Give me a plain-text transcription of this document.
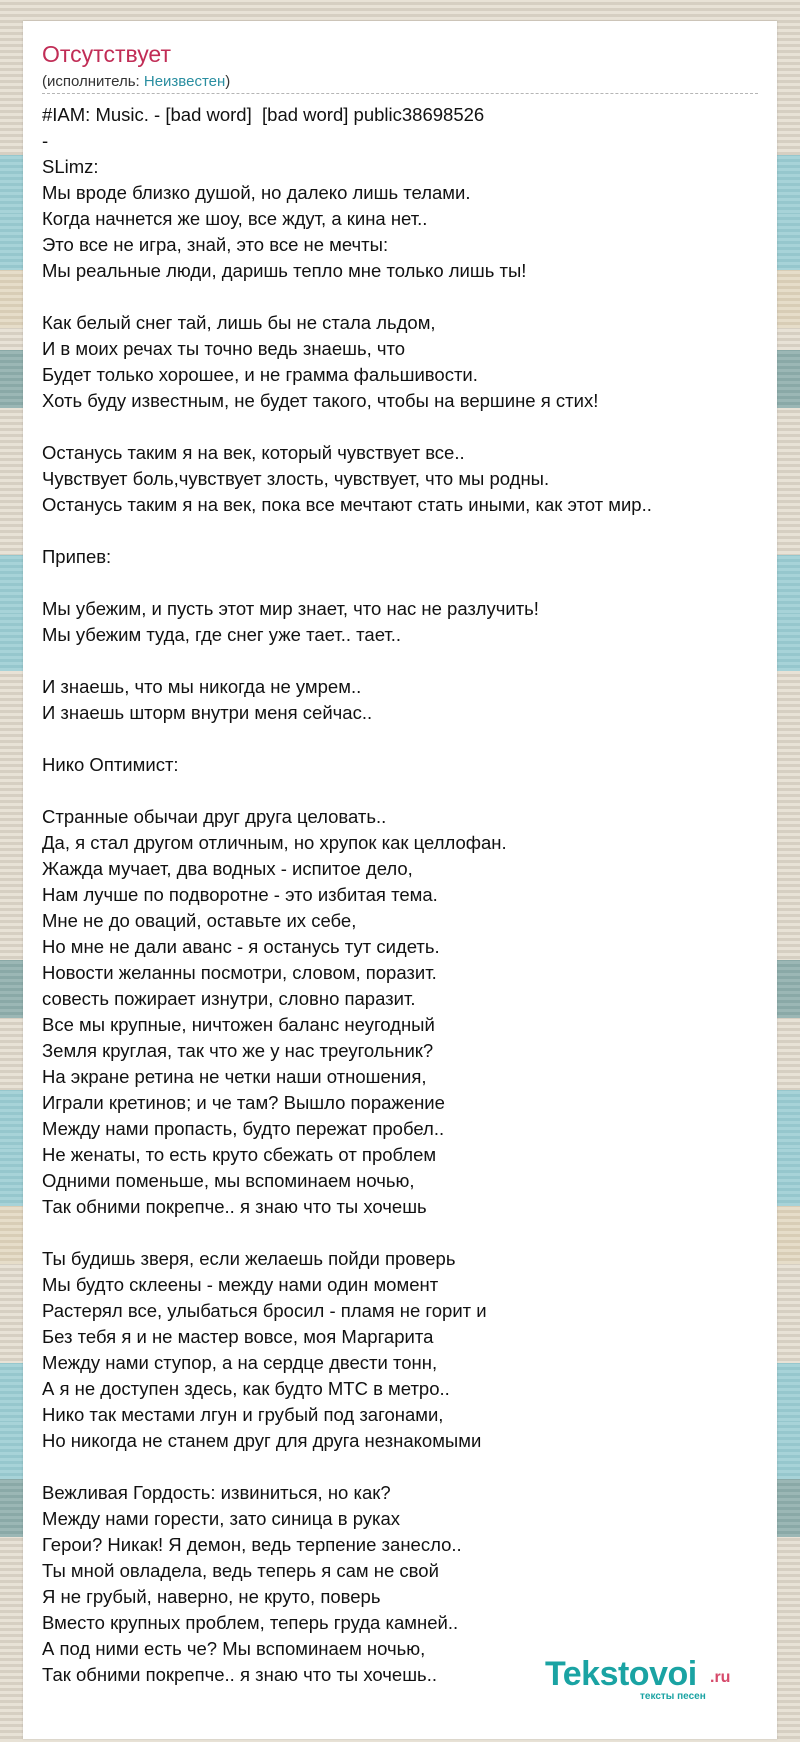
Отсутствует
(исполнитель: Неизвестен)
#IAM: Music. - [bad word]  [bad word] public38698526
-
SLimz:
Мы вроде близко душой, но далеко лишь телами.
Когда начнется же шоу, все ждут, а кина нет..
Это все не игра, знай, это все не мечты:
Мы реальные люди, даришь тепло мне только лишь ты!
Как белый снег тай, лишь бы не стала льдом,
И в моих речах ты точно ведь знаешь, что
Будет только хорошее, и не грамма фальшивости.
Хоть буду известным, не будет такого, чтобы на вершине я стих!
Останусь таким я на век, который чувствует все..
Чувствует боль,чувствует злость, чувствует, что мы родны.
Останусь таким я на век, пока все мечтают стать иными, как этот мир..
Припев:
Мы убежим, и пусть этот мир знает, что нас не разлучить!
Мы убежим туда, где снег уже тает.. тает..
И знаешь, что мы никогда не умрем..
И знаешь шторм внутри меня сейчас..
Нико Оптимист:
Странные обычаи друг друга целовать..
Да, я стал другом отличным, но хрупок как целлофан.
Жажда мучает, два водных - испитое дело,
Нам лучше по подворотне - это избитая тема.
Мне не до оваций, оставьте их себе,
Но мне не дали аванс - я останусь тут сидеть.
Новости желанны посмотри, словом, поразит.
совесть пожирает изнутри, словно паразит.
Все мы крупные, ничтожен баланс неугодный
Земля круглая, так что же у нас треугольник?
На экране ретина не четки наши отношения,
Играли кретинов; и че там? Вышло поражение
Между нами пропасть, будто пережат пробел..
Не женаты, то есть круто сбежать от проблем
Одними поменьше, мы вспоминаем ночью,
Так обними покрепче.. я знаю что ты хочешь
Ты будишь зверя, если желаешь пойди проверь
Мы будто склеены - между нами один момент
Растерял все, улыбаться бросил - пламя не горит и
Без тебя я и не мастер вовсе, моя Маргарита
Между нами ступор, а на сердце двести тонн,
А я не доступен здесь, как будто МТС в метро..
Нико так местами лгун и грубый под загонами,
Но никогда не станем друг для друга незнакомыми
Вежливая Гордость: извиниться, но как?
Между нами горести, зато синица в руках
Герои? Никак! Я демон, ведь терпение занесло..
Ты мной овладела, ведь теперь я сам не свой
Я не грубый, наверно, не круто, поверь
Вместо крупных проблем, теперь груда камней..
А под ними есть че? Мы вспоминаем ночью,
Так обними покрепче.. я знаю что ты хочешь..	Tekstovoi .ru
тексты песен
